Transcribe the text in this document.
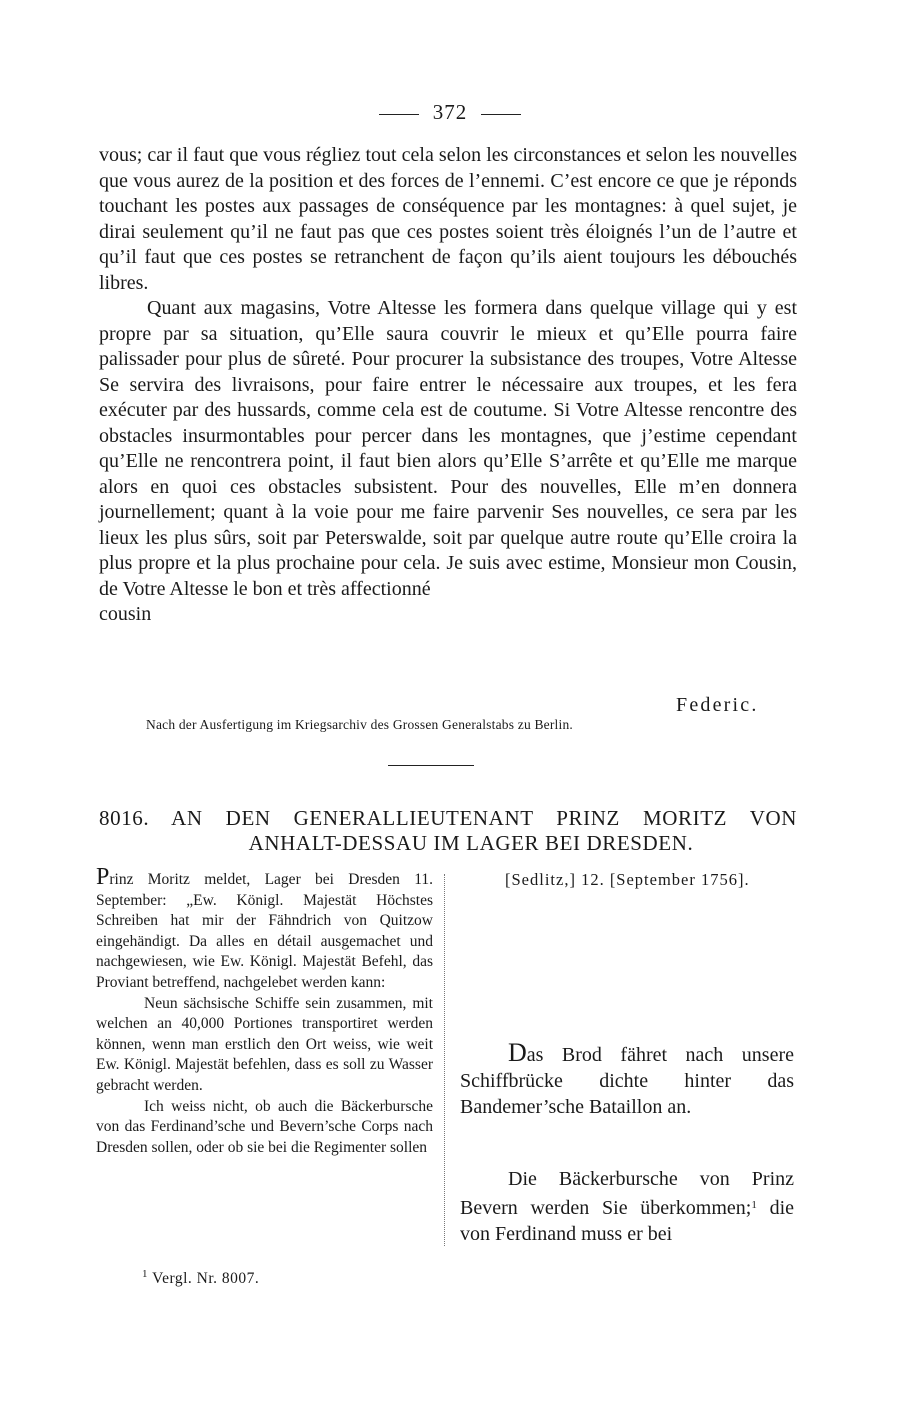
372

vous; car il faut que vous régliez tout cela selon les circonstances et selon les nouvelles que vous aurez de la position et des forces de l’ennemi. C’est encore ce que je réponds touchant les postes aux passages de conséquence par les montagnes: à quel sujet, je dirai seulement qu’il ne faut pas que ces postes soient très éloignés l’un de l’autre et qu’il faut que ces postes se retranchent de façon qu’ils aient toujours les débouchés libres.

Quant aux magasins, Votre Altesse les formera dans quelque village qui y est propre par sa situation, qu’Elle saura couvrir le mieux et qu’Elle pourra faire palissader pour plus de sûreté. Pour procurer la subsistance des troupes, Votre Altesse Se servira des livraisons, pour faire entrer le nécessaire aux troupes, et les fera exécuter par des hussards, comme cela est de coutume. Si Votre Altesse rencontre des obstacles insurmontables pour percer dans les montagnes, que j’estime cependant qu’Elle ne rencontrera point, il faut bien alors qu’Elle S’arrête et qu’Elle me marque alors en quoi ces obstacles subsistent. Pour des nouvelles, Elle m’en donnera journellement; quant à la voie pour me faire parvenir Ses nouvelles, ce sera par les lieux les plus sûrs, soit par Peterswalde, soit par quelque autre route qu’Elle croira la plus propre et la plus prochaine pour cela. Je suis avec estime, Monsieur mon Cousin, de Votre Altesse le bon et très affectionné

cousin
Federic.
Nach der Ausfertigung im Kriegsarchiv des Grossen Generalstabs zu Berlin.
8016. AN DEN GENERALLIEUTENANT PRINZ MORITZ VON
ANHALT-DESSAU IM LAGER BEI DRESDEN.

Prinz Moritz meldet, Lager bei Dresden 11. September: „Ew. Königl. Majestät Höchstes Schreiben hat mir der Fähndrich von Quitzow eingehändigt. Da alles en détail ausgemachet und nachgewiesen, wie Ew. Königl. Majestät Befehl, das Proviant betreffend, nachgelebet werden kann:

Neun sächsische Schiffe sein zusammen, mit welchen an 40,000 Portiones transportiret werden können, wenn man erstlich den Ort weiss, wie weit Ew. Königl. Majestät befehlen, dass es soll zu Wasser gebracht werden.

Ich weiss nicht, ob auch die Bäckerbursche von das Ferdinand’sche und Bevern’sche Corps nach Dresden sollen, oder ob sie bei die Regimenter sollen

[Sedlitz,] 12. [September 1756].

Das Brod fähret nach unsere Schiffbrücke dichte hinter das Bandemer’sche Bataillon an.

Die Bäckerbursche von Prinz Bevern werden Sie überkommen;$^1$ die von Ferdinand muss er bei

$^1$ Vergl. Nr. 8007.
